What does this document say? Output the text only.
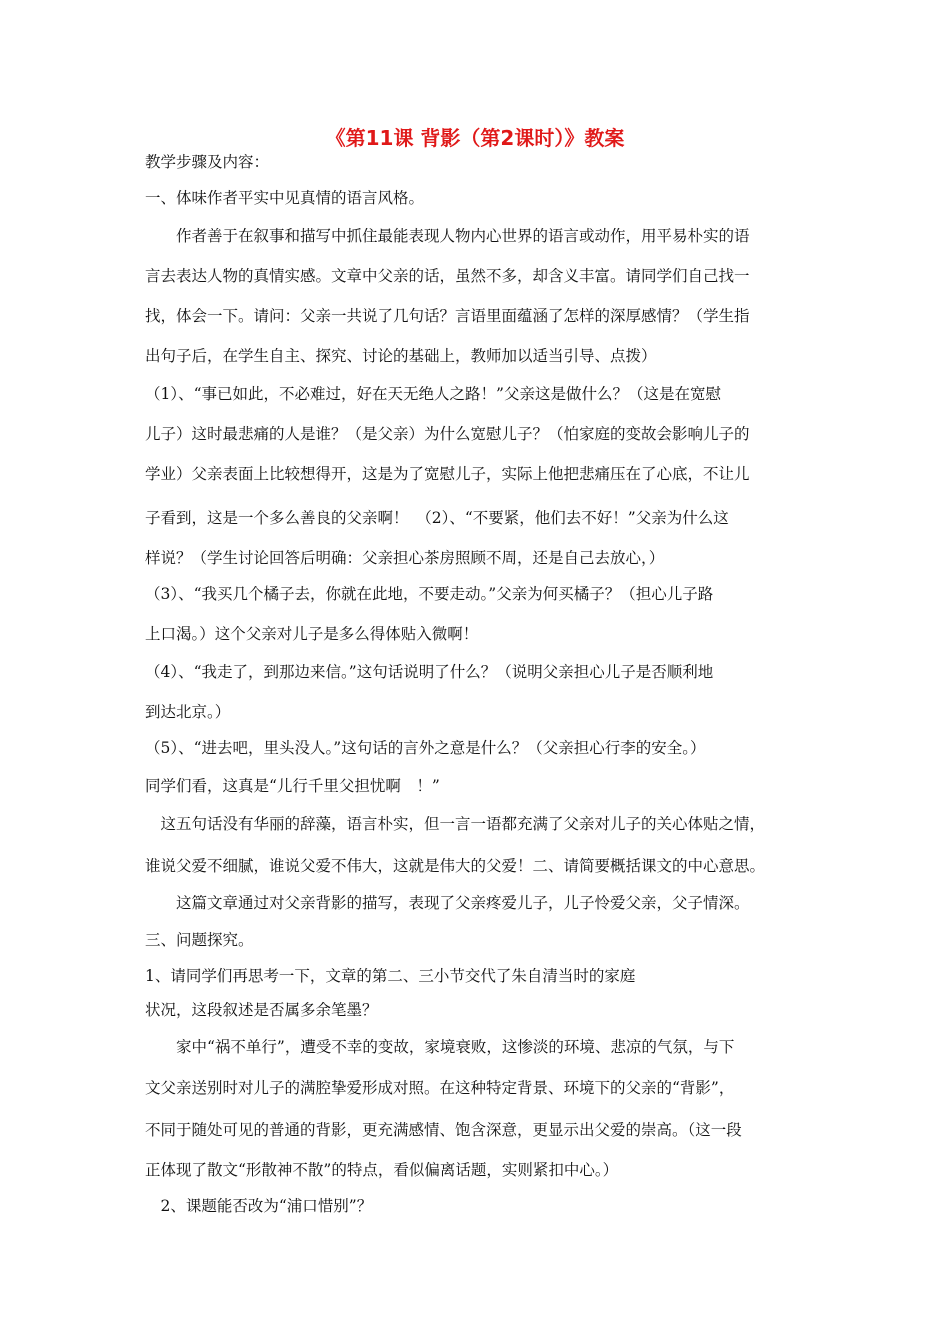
《第11课 背影（第2课时）》教案
教学步骤及内容：
一、体味作者平实中见真情的语言风格。
　　作者善于在叙事和描写中抓住最能表现人物内心世界的语言或动作，用平易朴实的语
言去表达人物的真情实感。文章中父亲的话，虽然不多，却含义丰富。请同学们自己找一
找，体会一下。请问：父亲一共说了几句话？言语里面蕴涵了怎样的深厚感情？（学生指
出句子后，在学生自主、探究、讨论的基础上，教师加以适当引导、点拨）
（1）、“事已如此，不必难过，好在天无绝人之路！”父亲这是做什么？（这是在宽慰
儿子）这时最悲痛的人是谁？（是父亲）为什么宽慰儿子？（怕家庭的变故会影响儿子的
学业）父亲表面上比较想得开，这是为了宽慰儿子，实际上他把悲痛压在了心底，不让儿
子看到，这是一个多么善良的父亲啊！　（2）、“不要紧，他们去不好！”父亲为什么这
样说？（学生讨论回答后明确：父亲担心茶房照顾不周，还是自己去放心，）
（3）、“我买几个橘子去，你就在此地，不要走动。”父亲为何买橘子？（担心儿子路
上口渴。）这个父亲对儿子是多么得体贴入微啊！
（4）、“我走了，到那边来信。”这句话说明了什么？（说明父亲担心儿子是否顺利地
到达北京。）
（5）、“进去吧，里头没人。”这句话的言外之意是什么？（父亲担心行李的安全。）
同学们看，这真是“儿行千里父担忧啊　！”
　这五句话没有华丽的辞藻，语言朴实，但一言一语都充满了父亲对儿子的关心体贴之情，
谁说父爱不细腻，谁说父爱不伟大，这就是伟大的父爱！二、请简要概括课文的中心意思。
　　这篇文章通过对父亲背影的描写，表现了父亲疼爱儿子，儿子怜爱父亲，父子情深。
三、问题探究。
1、请同学们再思考一下，文章的第二、三小节交代了朱自清当时的家庭
状况，这段叙述是否属多余笔墨？
　　家中“祸不单行”，遭受不幸的变故，家境衰败，这惨淡的环境、悲凉的气氛，与下
文父亲送别时对儿子的满腔挚爱形成对照。在这种特定背景、环境下的父亲的“背影”，
不同于随处可见的普通的背影，更充满感情、饱含深意，更显示出父爱的崇高。（这一段
正体现了散文“形散神不散”的特点，看似偏离话题，实则紧扣中心。）
　2、课题能否改为“浦口惜别”？
